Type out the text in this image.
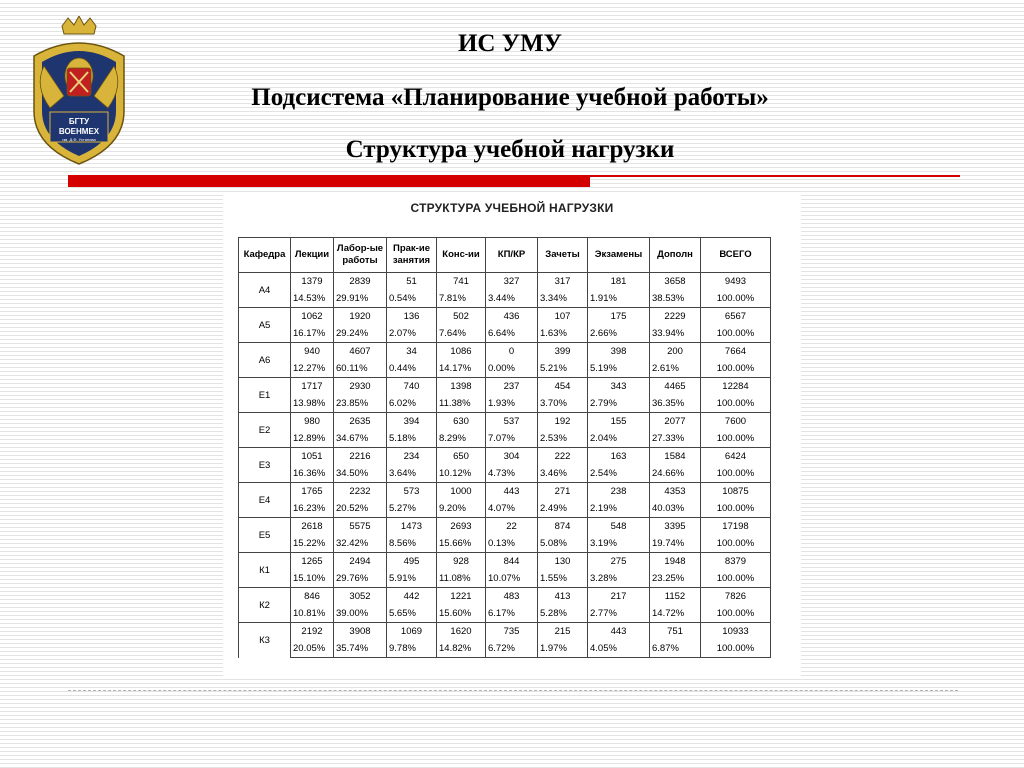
БГТУ
ВОЕНМЕХ
им. Д.Ф. Устинова
ИС УМУ
Подсистема «Планирование учебной работы»
Структура учебной нагрузки
СТРУКТУРА УЧЕБНОЙ НАГРУЗКИ
Кафедра	Лекции	Лабор-ые работы	Прак-ие занятия	Конс-ии	КП/КР	Зачеты	Экзамены	Дополн	ВСЕГО
А4	1379	2839	51	741	327	317	181	3658	9493
	14.53%	29.91%	0.54%	7.81%	3.44%	3.34%	1.91%	38.53%	100.00%
А5	1062	1920	136	502	436	107	175	2229	6567
	16.17%	29.24%	2.07%	7.64%	6.64%	1.63%	2.66%	33.94%	100.00%
А6	940	4607	34	1086	0	399	398	200	7664
	12.27%	60.11%	0.44%	14.17%	0.00%	5.21%	5.19%	2.61%	100.00%
Е1	1717	2930	740	1398	237	454	343	4465	12284
	13.98%	23.85%	6.02%	11.38%	1.93%	3.70%	2.79%	36.35%	100.00%
Е2	980	2635	394	630	537	192	155	2077	7600
	12.89%	34.67%	5.18%	8.29%	7.07%	2.53%	2.04%	27.33%	100.00%
Е3	1051	2216	234	650	304	222	163	1584	6424
	16.36%	34.50%	3.64%	10.12%	4.73%	3.46%	2.54%	24.66%	100.00%
Е4	1765	2232	573	1000	443	271	238	4353	10875
	16.23%	20.52%	5.27%	9.20%	4.07%	2.49%	2.19%	40.03%	100.00%
Е5	2618	5575	1473	2693	22	874	548	3395	17198
	15.22%	32.42%	8.56%	15.66%	0.13%	5.08%	3.19%	19.74%	100.00%
К1	1265	2494	495	928	844	130	275	1948	8379
	15.10%	29.76%	5.91%	11.08%	10.07%	1.55%	3.28%	23.25%	100.00%
К2	846	3052	442	1221	483	413	217	1152	7826
	10.81%	39.00%	5.65%	15.60%	6.17%	5.28%	2.77%	14.72%	100.00%
К3	2192	3908	1069	1620	735	215	443	751	10933
	20.05%	35.74%	9.78%	14.82%	6.72%	1.97%	4.05%	6.87%	100.00%
